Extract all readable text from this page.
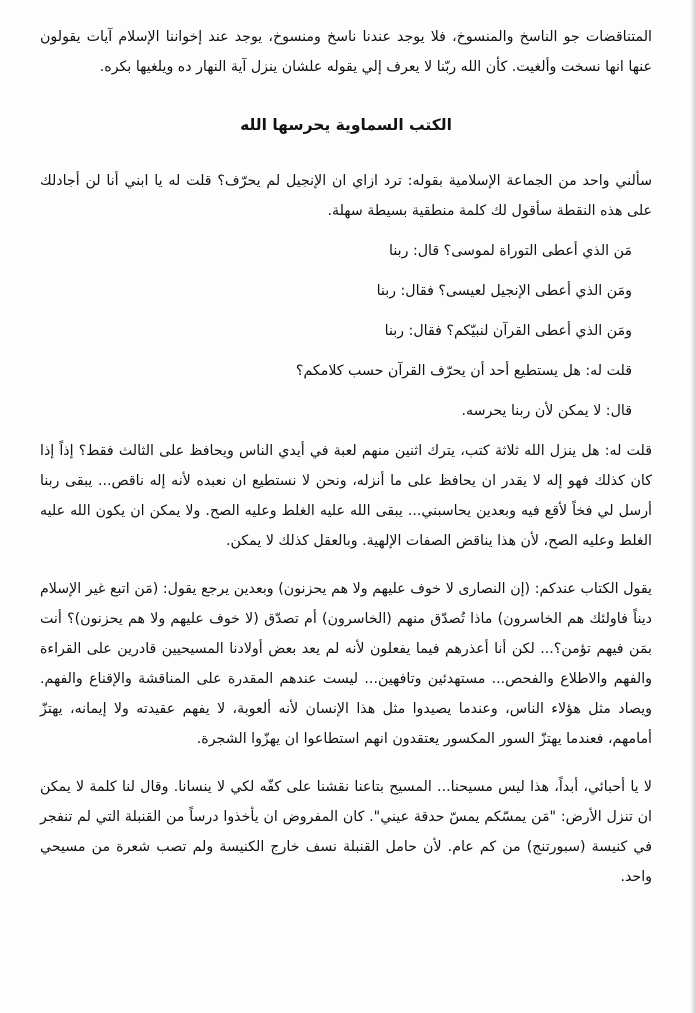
المتناقضات جو الناسخ والمنسوخ، فلا يوجد عندنا ناسخ ومنسوخ، يوجد عند إخواننا الإسلام آيات يقولون عنها انها نسخت وألغيت. كأن الله ربّنا لا يعرف إلي يقوله علشان ينزل آية النهار ده ويلغيها بكره.

الكتب السماوية يحرسها الله

سألني واحد من الجماعة الإسلامية بقوله: ترد ازاي ان الإنجيل لم يحرّف؟ قلت له يا ابني أنا لن أجادلك على هذه النقطة سأقول لك كلمة منطقية بسيطة سهلة.

مَن الذي أعطى التوراة لموسى؟ قال: ربنا

ومَن الذي أعطى الإنجيل لعيسى؟ فقال: ربنا

ومَن الذي أعطى القرآن لنبيّكم؟ فقال: ربنا

قلت له: هل يستطيع أحد أن يحرّف القرآن حسب كلامكم؟

قال: لا يمكن لأن ربنا يحرسه.

قلت له: هل ينزل الله ثلاثة كتب، يترك اثنين منهم لعبة في أيدي الناس ويحافظ على الثالث فقط؟ إذاً إذا كان كذلك فهو إله لا يقدر ان يحافظ على ما أنزله، ونحن لا نستطيع ان نعبده لأنه إله ناقص... يبقى ربنا أرسل لي فخاً لأقع فيه وبعدين يحاسبني... يبقى الله عليه الغلط وعليه الصح. ولا يمكن ان يكون الله عليه الغلط وعليه الصح، لأن هذا يناقض الصفات الإلهية. وبالعقل كذلك لا يمكن.

يقول الكتاب عندكم: (إن النصارى لا خوف عليهم ولا هم يحزنون) وبعدين يرجع يقول: (مَن اتبع غير الإسلام ديناً فاولئك هم الخاسرون) ماذا تُصدّق منهم (الخاسرون) أم تصدّق (لا خوف عليهم ولا هم يحزنون)؟ أنت بمَن فيهم تؤمن؟... لكن أنا أعذرهم فيما يفعلون لأنه لم يعد بعض أولادنا المسيحيين قادرين على القراءة والفهم والاطلاع والفحص... مستهدئين وتافهين... ليست عندهم المقدرة على المناقشة والإقناع والفهم. ويصاد مثل هؤلاء الناس، وعندما يصيدوا مثل هذا الإنسان لأنه ألعوبة، لا يفهم عقيدته ولا إيمانه، يهتزّ أمامهم، فعندما يهتزّ السور المكسور يعتقدون انهم استطاعوا ان يهزّوا الشجرة.

لا يا أحبائي، أبداً، هذا ليس مسيحنا... المسيح بتاعنا نقشنا على كفّه لكي لا ينسانا. وقال لنا كلمة لا يمكن ان تنزل الأرض: "مَن يمسّكم يمسّ حدقة عيني". كان المفروض ان يأخذوا درساً من القنبلة التي لم تنفجر في كنيسة (سبورتنج) من كم عام. لأن حامل القنبلة نسف خارج الكنيسة ولم تصب شعرة من مسيحي واحد.
